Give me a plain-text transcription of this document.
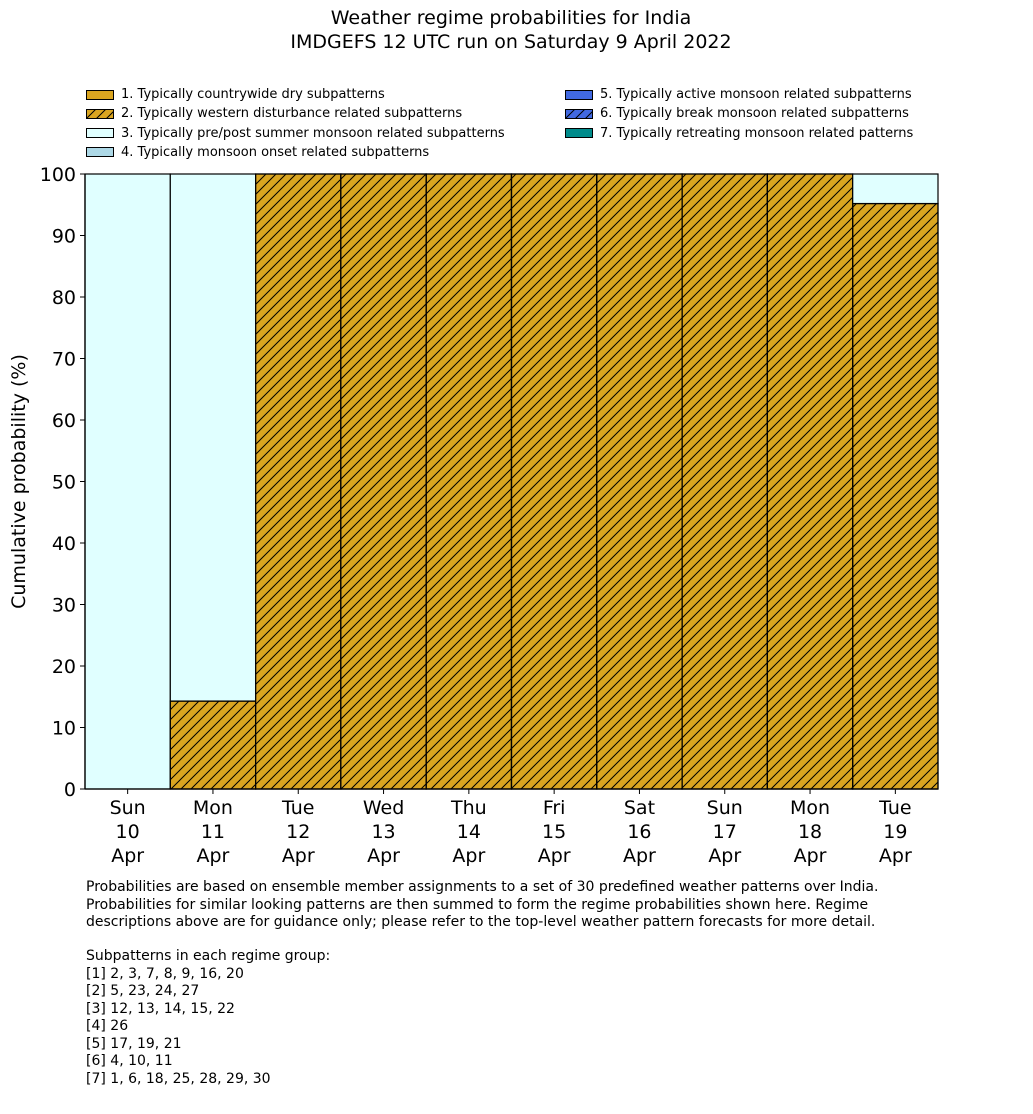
Weather regime probabilities for India
IMDGEFS 12 UTC run on Saturday 9 April 2022
1. Typically countrywide dry subpatterns
2. Typically western disturbance related subpatterns
3. Typically pre/post summer monsoon related subpatterns
4. Typically monsoon onset related subpatterns
5. Typically active monsoon related subpatterns
6. Typically break monsoon related subpatterns
7. Typically retreating monsoon related patterns
0
10
20
30
40
50
60
70
80
90
100
Sun
10
Apr
Mon
11
Apr
Tue
12
Apr
Wed
13
Apr
Thu
14
Apr
Fri
15
Apr
Sat
16
Apr
Sun
17
Apr
Mon
18
Apr
Tue
19
Apr
Cumulative probability (%)
Probabilities are based on ensemble member assignments to a set of 30 predefined weather patterns over India.
Probabilities for similar looking patterns are then summed to form the regime probabilities shown here. Regime
descriptions above are for guidance only; please refer to the top-level weather pattern forecasts for more detail.
Subpatterns in each regime group:
[1] 2, 3, 7, 8, 9, 16, 20
[2] 5, 23, 24, 27
[3] 12, 13, 14, 15, 22
[4] 26
[5] 17, 19, 21
[6] 4, 10, 11
[7] 1, 6, 18, 25, 28, 29, 30
